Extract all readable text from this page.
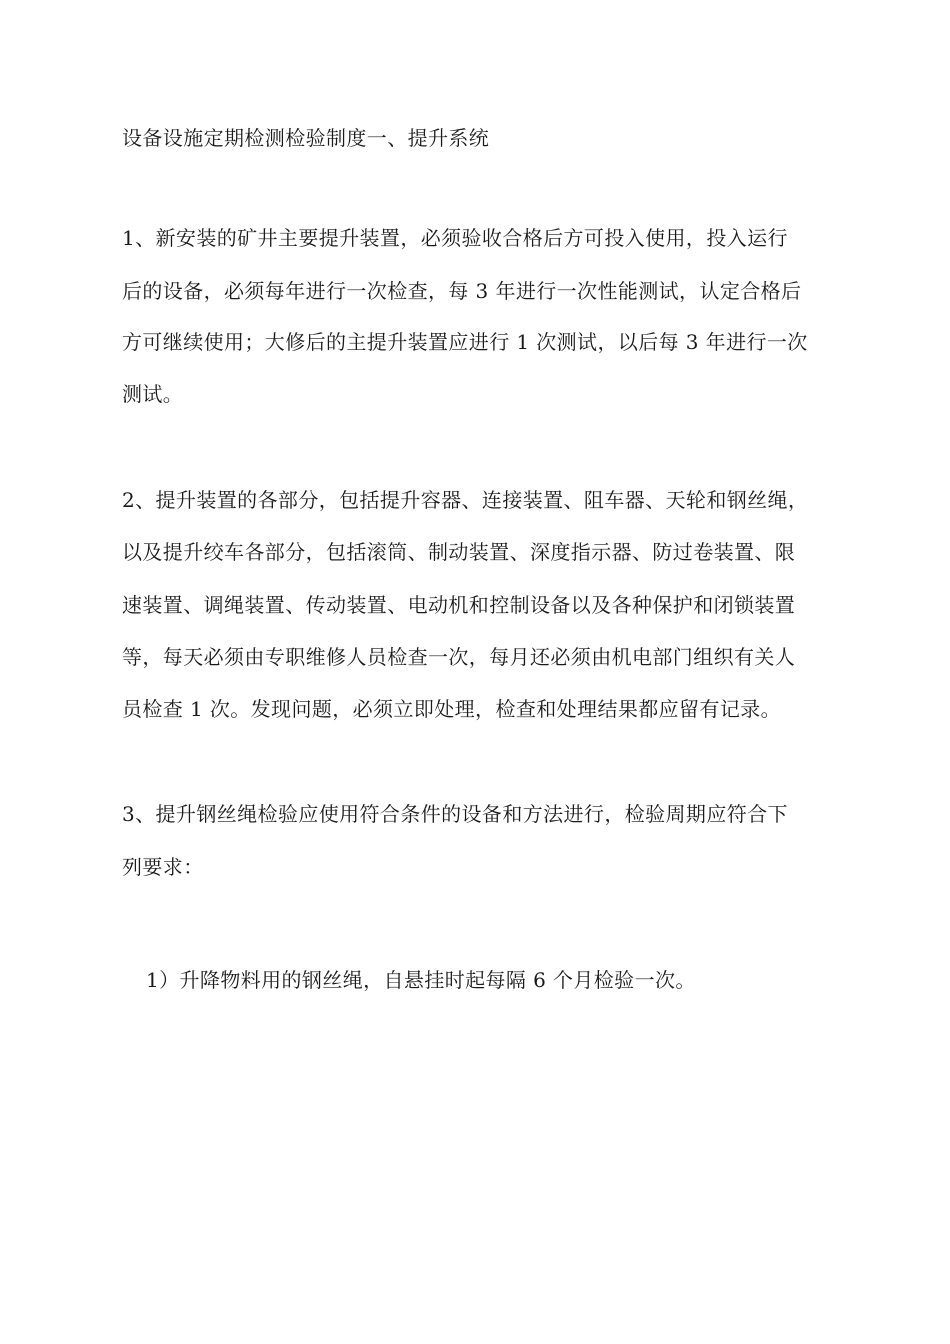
设备设施定期检测检验制度一、提升系统
1、新安装的矿井主要提升装置，必须验收合格后方可投入使用，投入运行
后的设备，必须每年进行一次检查，每 3 年进行一次性能测试，认定合格后
方可继续使用；大修后的主提升装置应进行 1 次测试，以后每 3 年进行一次
测试。
2、提升装置的各部分，包括提升容器、连接装置、阻车器、天轮和钢丝绳，
以及提升绞车各部分，包括滚筒、制动装置、深度指示器、防过卷装置、限
速装置、调绳装置、传动装置、电动机和控制设备以及各种保护和闭锁装置
等，每天必须由专职维修人员检查一次，每月还必须由机电部门组织有关人
员检查 1 次。发现问题，必须立即处理，检查和处理结果都应留有记录。
3、提升钢丝绳检验应使用符合条件的设备和方法进行，检验周期应符合下
列要求：
1）升降物料用的钢丝绳，自悬挂时起每隔 6 个月检验一次。
